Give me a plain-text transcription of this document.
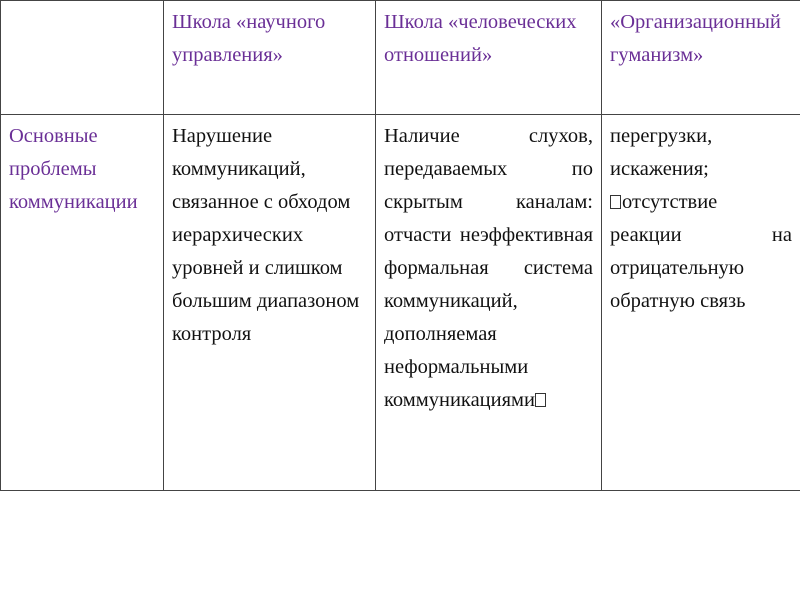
	Школа «научного управления»	Школа «человеческих отношений»	«Организационный гуманизм»
Основные проблемы коммуникации	Нарушение коммуникаций, связанное с обходом иерархических уровней и слишком большим диапазоном контроля	Наличие слухов, передаваемых по скрытым каналам: отчасти неэффективная формальная система коммуникаций, дополняемая неформальными коммуникациями	перегрузки, искажения;
отсутствие реакции на отрицательную обратную связь
